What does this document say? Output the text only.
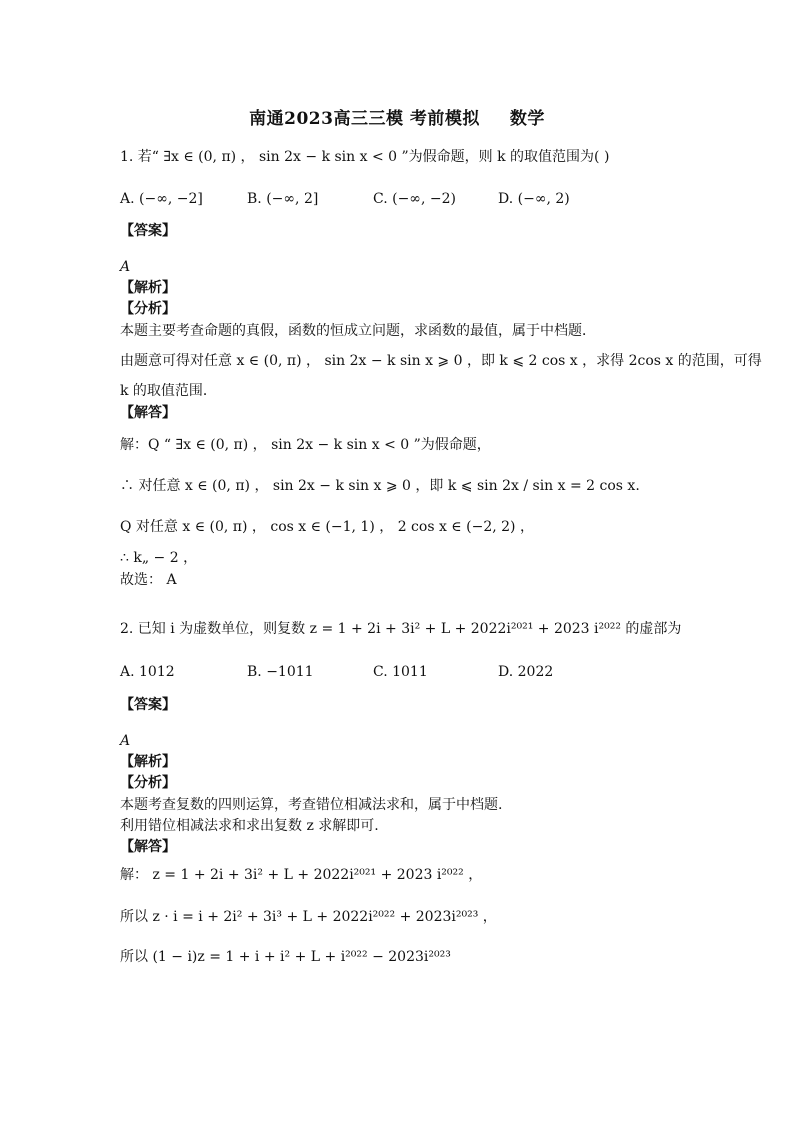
南通2023高三三模 考前模拟 数学
1. 若“ ∃x ∈ (0, π) ， sin 2x − k sin x < 0 ”为假命题，则 k 的取值范围为( )
A. (−∞, −2]	B. (−∞, 2]	C. (−∞, −2)	D. (−∞, 2)
【答案】
A
【解析】
【分析】
本题主要考查命题的真假，函数的恒成立问题，求函数的最值，属于中档题．
由题意可得对任意 x ∈ (0, π) ， sin 2x − k sin x ⩾ 0 ，即 k ⩽ 2 cos x ，求得 2cos x 的范围，可得
k 的取值范围．
【解答】
解：Q “ ∃x ∈ (0, π) ， sin 2x − k sin x < 0 ”为假命题，
∴ 对任意 x ∈ (0, π) ， sin 2x − k sin x ⩾ 0 ，即 k ⩽ sin 2x / sin x = 2 cos x.
Q 对任意 x ∈ (0, π) ， cos x ∈ (−1, 1) ， 2 cos x ∈ (−2, 2) ，
∴ k„ − 2 ，
故选： A
2. 已知 i 为虚数单位，则复数 z = 1 + 2i + 3i² + L + 2022i²⁰²¹ + 2023 i²⁰²² 的虚部为
A. 1012	B. −1011	C. 1011	D. 2022
【答案】
A
【解析】
【分析】
本题考查复数的四则运算，考查错位相减法求和，属于中档题.
利用错位相减法求和求出复数 z 求解即可.
【解答】
解： z = 1 + 2i + 3i² + L + 2022i²⁰²¹ + 2023 i²⁰²² ，
所以 z · i = i + 2i² + 3i³ + L + 2022i²⁰²² + 2023i²⁰²³ ，
所以 (1 − i)z = 1 + i + i² + L + i²⁰²² − 2023i²⁰²³
